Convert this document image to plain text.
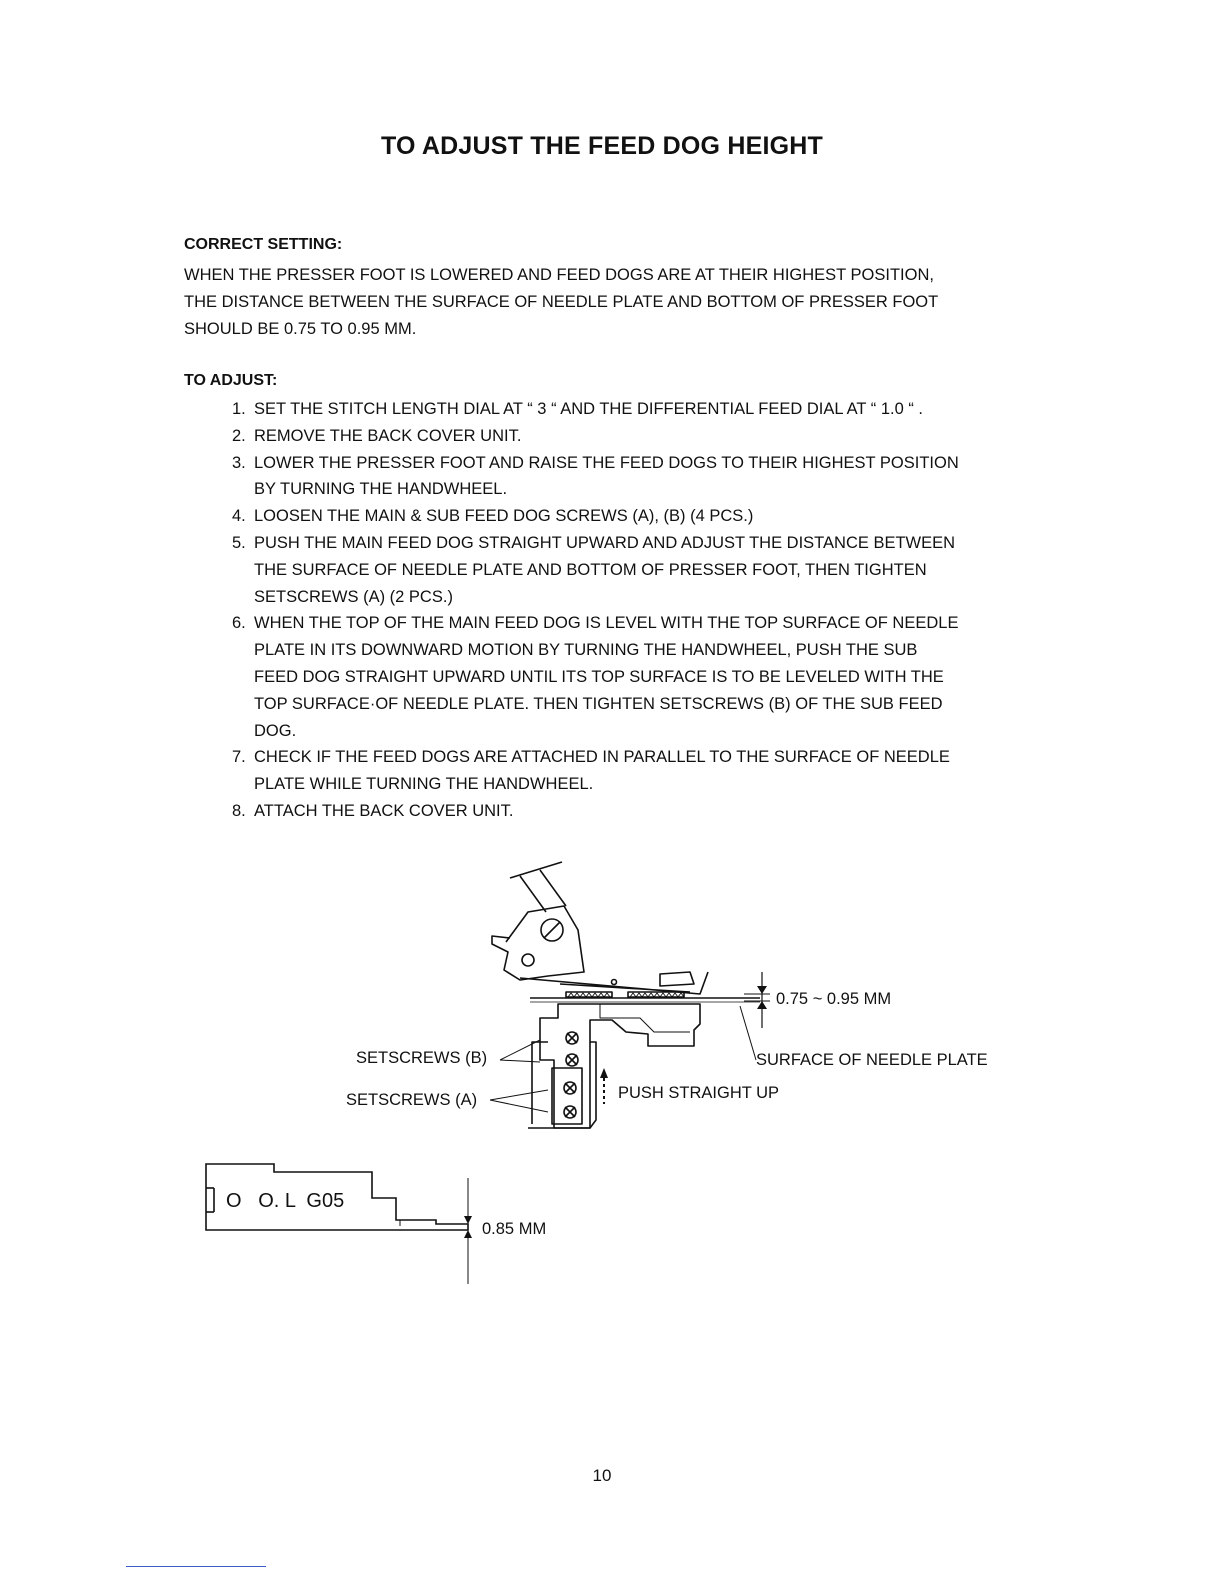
TO ADJUST THE FEED DOG HEIGHT
CORRECT SETTING:
WHEN THE PRESSER FOOT IS LOWERED AND FEED DOGS ARE AT THEIR HIGHEST POSITION,
THE DISTANCE BETWEEN THE SURFACE OF NEEDLE PLATE AND BOTTOM OF PRESSER FOOT
SHOULD BE 0.75 TO 0.95 MM.
TO ADJUST:
1. SET THE STITCH LENGTH DIAL AT “ 3 “ AND THE DIFFERENTIAL FEED DIAL AT “ 1.0 “ .
2. REMOVE THE BACK COVER UNIT.
3. LOWER THE PRESSER FOOT AND RAISE THE FEED DOGS TO THEIR HIGHEST POSITION
BY TURNING THE HANDWHEEL.
4. LOOSEN THE MAIN & SUB FEED DOG SCREWS (A), (B) (4 PCS.)
5. PUSH THE MAIN FEED DOG STRAIGHT UPWARD AND ADJUST THE DISTANCE BETWEEN
THE SURFACE OF NEEDLE PLATE AND BOTTOM OF PRESSER FOOT, THEN TIGHTEN
SETSCREWS (A) (2 PCS.)
6. WHEN THE TOP OF THE MAIN FEED DOG IS LEVEL WITH THE TOP SURFACE OF NEEDLE
PLATE IN ITS DOWNWARD MOTION BY TURNING THE HANDWHEEL, PUSH THE SUB
FEED DOG STRAIGHT UPWARD UNTIL ITS TOP SURFACE IS TO BE LEVELED WITH THE
TOP SURFACE·OF NEEDLE PLATE. THEN TIGHTEN SETSCREWS (B) OF THE SUB FEED
DOG.
7. CHECK IF THE FEED DOGS ARE ATTACHED IN PARALLEL TO THE SURFACE OF NEEDLE
PLATE WHILE TURNING THE HANDWHEEL.
8. ATTACH THE BACK COVER UNIT.
0.75 ~ 0.95 MM
SURFACE OF NEEDLE PLATE
PUSH STRAIGHT UP
SETSCREWS (B)
SETSCREWS (A)
O   O. L  G05
0.85 MM
10
